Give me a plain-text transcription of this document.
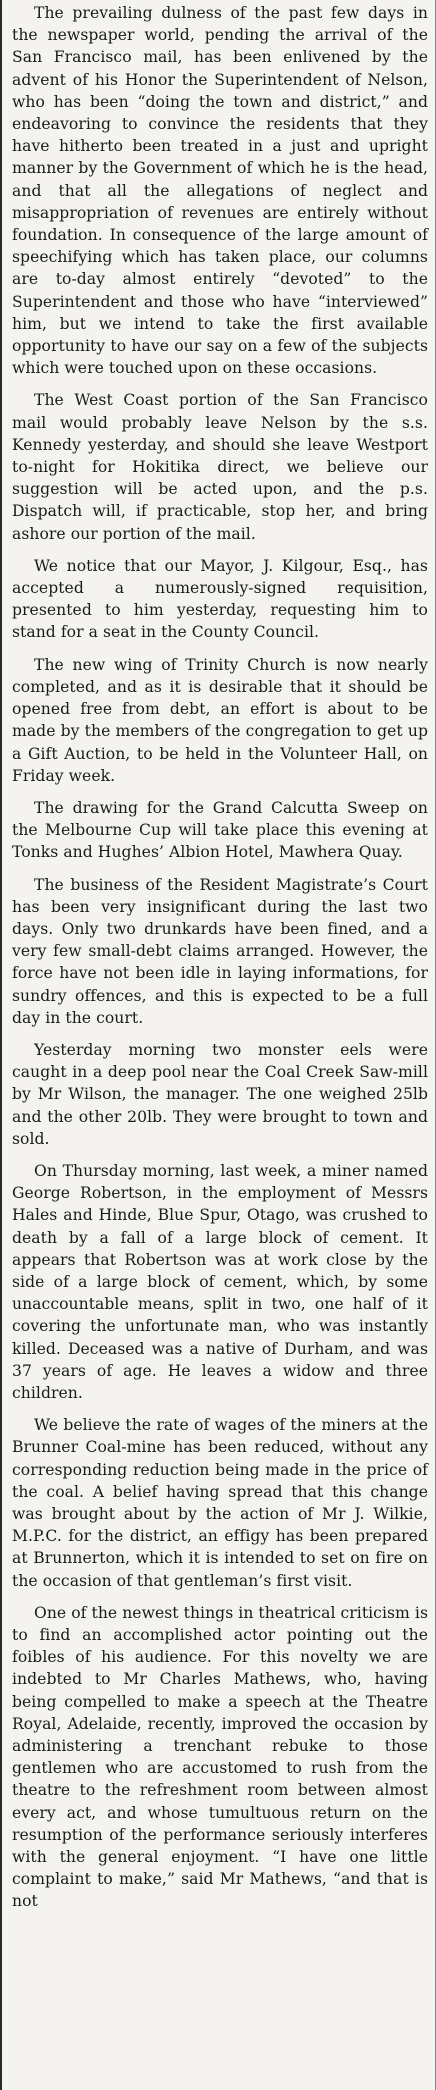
The prevailing dulness of the past few days in the newspaper world, pending the arrival of the San Francisco mail, has been enlivened by the advent of his Honor the Superintendent of Nelson, who has been “doing the town and district,” and endeavoring to convince the residents that they have hitherto been treated in a just and upright manner by the Government of which he is the head, and that all the allegations of neglect and misappropriation of revenues are entirely without foundation. In consequence of the large amount of speechifying which has taken place, our columns are to-day almost entirely “devoted” to the Superintendent and those who have “interviewed” him, but we intend to take the first available opportunity to have our say on a few of the subjects which were touched upon on these occasions.

The West Coast portion of the San Francisco mail would probably leave Nelson by the s.s. Kennedy yesterday, and should she leave Westport to-night for Hokitika direct, we believe our suggestion will be acted upon, and the p.s. Dispatch will, if practicable, stop her, and bring ashore our portion of the mail.

We notice that our Mayor, J. Kilgour, Esq., has accepted a numerously-signed requisition, presented to him yesterday, requesting him to stand for a seat in the County Council.

The new wing of Trinity Church is now nearly completed, and as it is desirable that it should be opened free from debt, an effort is about to be made by the members of the congregation to get up a Gift Auction, to be held in the Volunteer Hall, on Friday week.

The drawing for the Grand Calcutta Sweep on the Melbourne Cup will take place this evening at Tonks and Hughes’ Albion Hotel, Mawhera Quay.

The business of the Resident Magistrate’s Court has been very insignificant during the last two days. Only two drunkards have been fined, and a very few small-debt claims arranged. However, the force have not been idle in laying informations, for sundry offences, and this is expected to be a full day in the court.

Yesterday morning two monster eels were caught in a deep pool near the Coal Creek Saw-mill by Mr Wilson, the manager. The one weighed 25lb and the other 20lb. They were brought to town and sold.

On Thursday morning, last week, a miner named George Robertson, in the employment of Messrs Hales and Hinde, Blue Spur, Otago, was crushed to death by a fall of a large block of cement. It appears that Robertson was at work close by the side of a large block of cement, which, by some unaccountable means, split in two, one half of it covering the unfortunate man, who was instantly killed. Deceased was a native of Durham, and was 37 years of age. He leaves a widow and three children.

We believe the rate of wages of the miners at the Brunner Coal-mine has been reduced, without any corresponding reduction being made in the price of the coal. A belief having spread that this change was brought about by the action of Mr J. Wilkie, M.P.C. for the district, an effigy has been prepared at Brunnerton, which it is intended to set on fire on the occasion of that gentleman’s first visit.

One of the newest things in theatrical criticism is to find an accomplished actor pointing out the foibles of his audience. For this novelty we are indebted to Mr Charles Mathews, who, having being compelled to make a speech at the Theatre Royal, Adelaide, recently, improved the occasion by administering a trenchant rebuke to those gentlemen who are accustomed to rush from the theatre to the refreshment room between almost every act, and whose tumultuous return on the resumption of the performance seriously interferes with the general enjoyment. “I have one little complaint to make,” said Mr Mathews, “and that is not
